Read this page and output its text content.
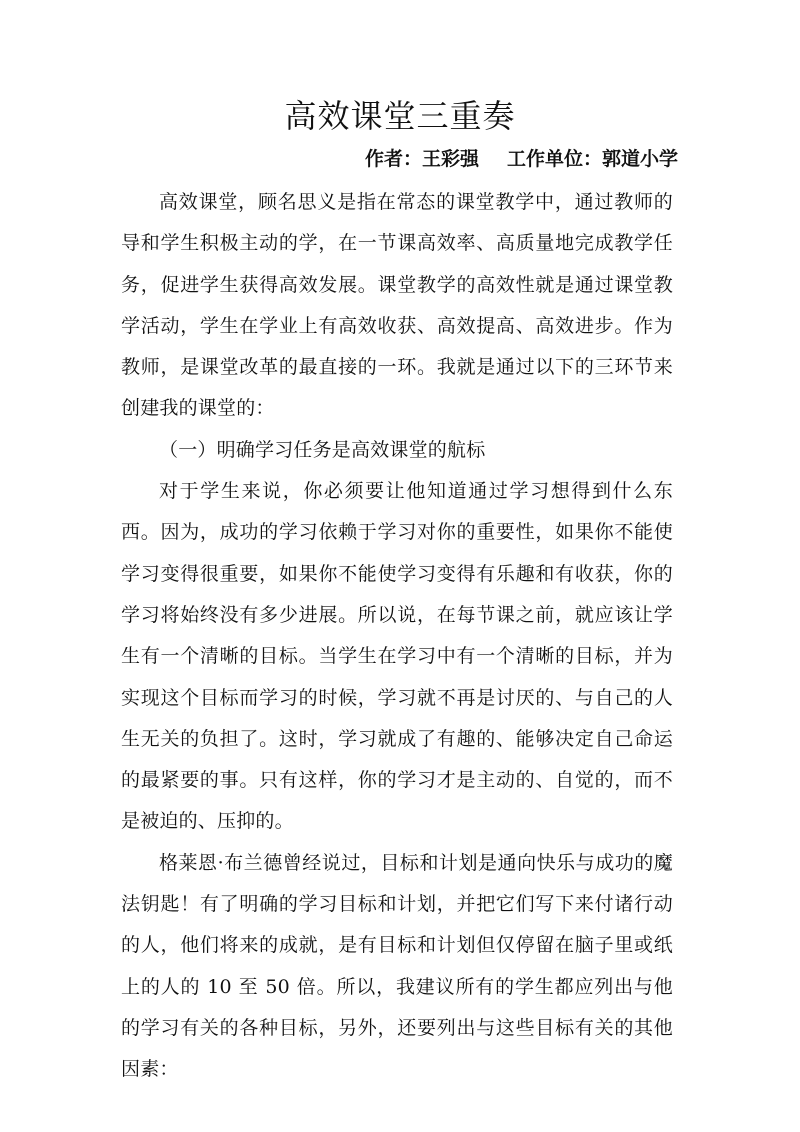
高效课堂三重奏
作者：王彩强 工作单位：郭道小学

高效课堂，顾名思义是指在常态的课堂教学中，通过教师的导和学生积极主动的学，在一节课高效率、高质量地完成教学任务，促进学生获得高效发展。课堂教学的高效性就是通过课堂教学活动，学生在学业上有高效收获、高效提高、高效进步。作为教师，是课堂改革的最直接的一环。我就是通过以下的三环节来创建我的课堂的：

（一）明确学习任务是高效课堂的航标

对于学生来说，你必须要让他知道通过学习想得到什么东西。因为，成功的学习依赖于学习对你的重要性，如果你不能使学习变得很重要，如果你不能使学习变得有乐趣和有收获，你的学习将始终没有多少进展。所以说，在每节课之前，就应该让学生有一个清晰的目标。当学生在学习中有一个清晰的目标，并为实现这个目标而学习的时候，学习就不再是讨厌的、与自己的人生无关的负担了。这时，学习就成了有趣的、能够决定自己命运的最紧要的事。只有这样，你的学习才是主动的、自觉的，而不是被迫的、压抑的。

格莱恩·布兰德曾经说过，目标和计划是通向快乐与成功的魔法钥匙！有了明确的学习目标和计划，并把它们写下来付诸行动的人，他们将来的成就，是有目标和计划但仅停留在脑子里或纸上的人的 10 至 50 倍。所以，我建议所有的学生都应列出与他的学习有关的各种目标，另外，还要列出与这些目标有关的其他因素：
